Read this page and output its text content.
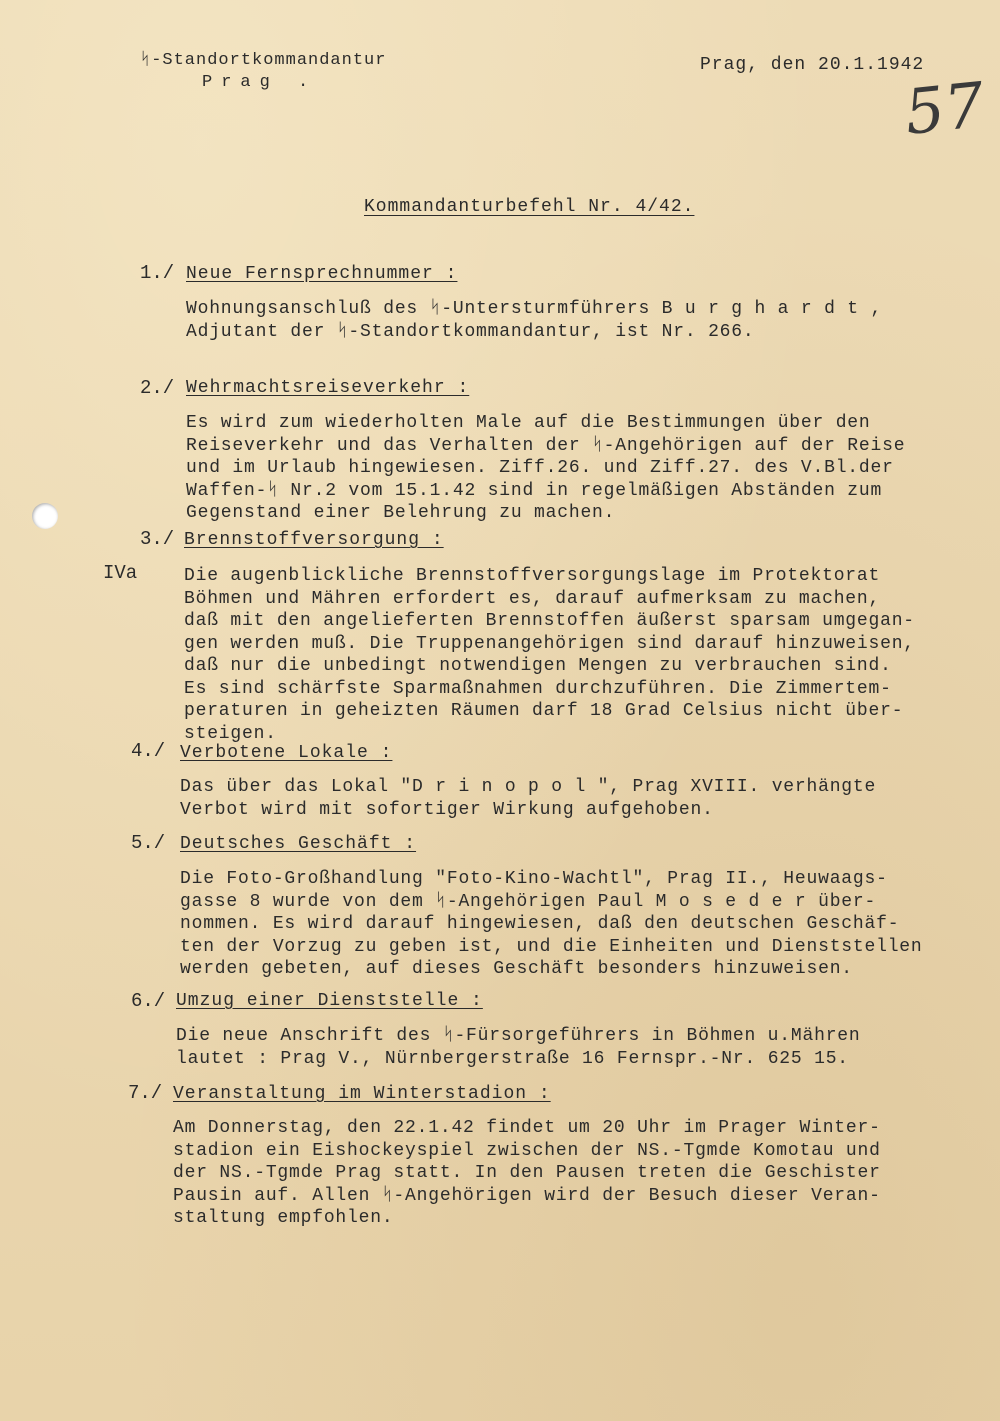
ᛋ-Standortkommandantur
Prag .
Prag, den 20.1.1942
57
Kommandanturbefehl Nr. 4/42.
IVa
1./ Neue Fernsprechnummer :
Wohnungsanschluß des ᛋ-Untersturmführers B u r g h a r d t ,
Adjutant der ᛋ-Standortkommandantur, ist Nr. 266.
2./ Wehrmachtsreiseverkehr :
Es wird zum wiederholten Male auf die Bestimmungen über den
Reiseverkehr und das Verhalten der ᛋ-Angehörigen auf der Reise
und im Urlaub hingewiesen. Ziff.26. und Ziff.27. des V.Bl.der
Waffen-ᛋ Nr.2 vom 15.1.42 sind in regelmäßigen Abständen zum
Gegenstand einer Belehrung zu machen.
3./ Brennstoffversorgung :
Die augenblickliche Brennstoffversorgungslage im Protektorat
Böhmen und Mähren erfordert es, darauf aufmerksam zu machen,
daß mit den angelieferten Brennstoffen äußerst sparsam umgegan-
gen werden muß. Die Truppenangehörigen sind darauf hinzuweisen,
daß nur die unbedingt notwendigen Mengen zu verbrauchen sind.
Es sind schärfste Sparmaßnahmen durchzuführen. Die Zimmertem-
peraturen in geheizten Räumen darf 18 Grad Celsius nicht über-
steigen.
4./ Verbotene Lokale :
Das über das Lokal "D r i n o p o l ", Prag XVIII. verhängte
Verbot wird mit sofortiger Wirkung aufgehoben.
5./ Deutsches Geschäft :
Die Foto-Großhandlung "Foto-Kino-Wachtl", Prag II., Heuwaags-
gasse 8 wurde von dem ᛋ-Angehörigen Paul M o s e d e r über-
nommen. Es wird darauf hingewiesen, daß den deutschen Geschäf-
ten der Vorzug zu geben ist, und die Einheiten und Dienststellen
werden gebeten, auf dieses Geschäft besonders hinzuweisen.
6./ Umzug einer Dienststelle :
Die neue Anschrift des ᛋ-Fürsorgeführers in Böhmen u.Mähren
lautet : Prag V., Nürnbergerstraße 16 Fernspr.-Nr. 625 15.
7./ Veranstaltung im Winterstadion :
Am Donnerstag, den 22.1.42 findet um 20 Uhr im Prager Winter-
stadion ein Eishockeyspiel zwischen der NS.-Tgmde Komotau und
der NS.-Tgmde Prag statt. In den Pausen treten die Geschister
Pausin auf. Allen ᛋ-Angehörigen wird der Besuch dieser Veran-
staltung empfohlen.
